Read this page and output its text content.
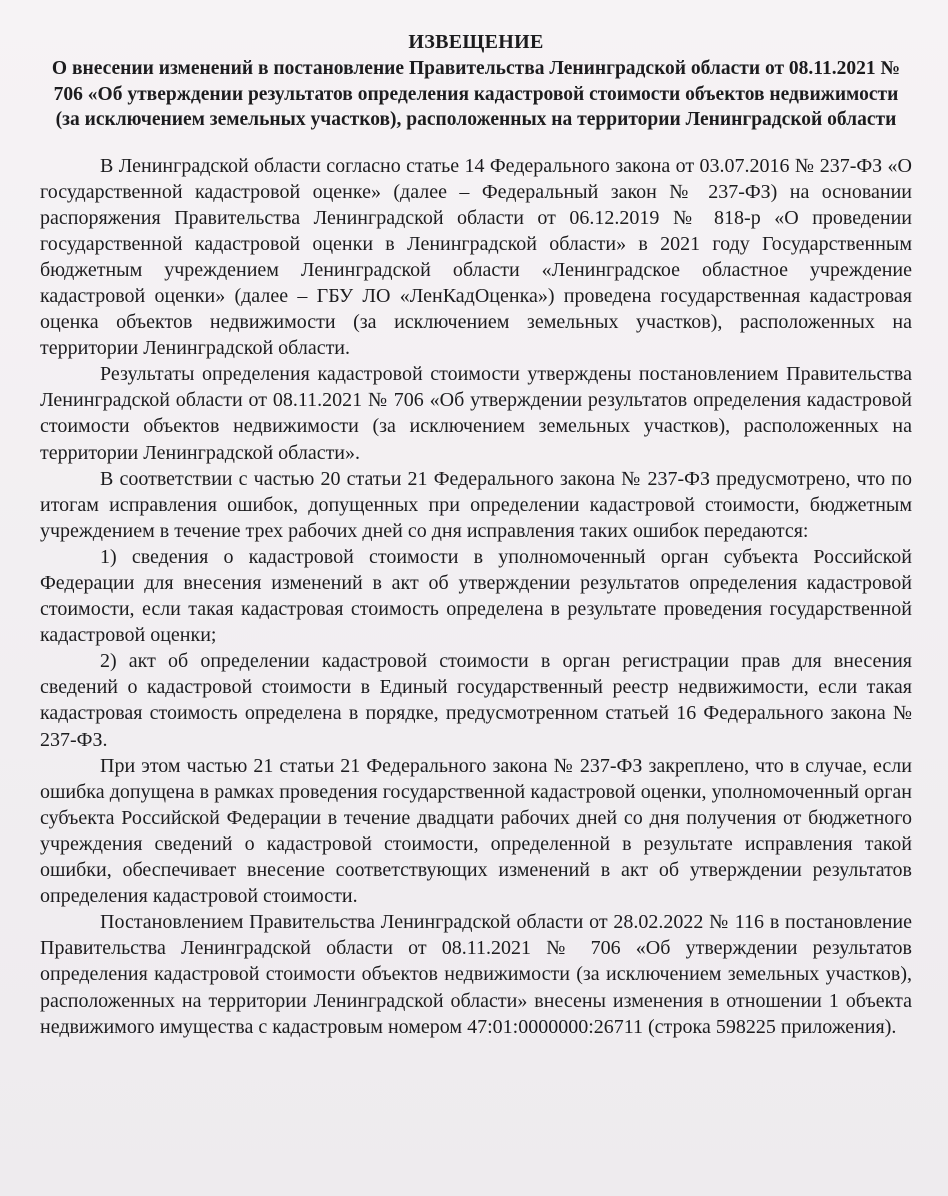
ИЗВЕЩЕНИЕ
О внесении изменений в постановление Правительства Ленинградской области от 08.11.2021 № 706 «Об утверждении результатов определения кадастровой стоимости объектов недвижимости (за исключением земельных участков), расположенных на территории Ленинградской области

В Ленинградской области согласно статье 14 Федерального закона от 03.07.2016 № 237-ФЗ «О государственной кадастровой оценке» (далее – Федеральный закон № 237-ФЗ) на основании распоряжения Правительства Ленинградской области от 06.12.2019 № 818-р «О проведении государственной кадастровой оценки в Ленинградской области» в 2021 году Государственным бюджетным учреждением Ленинградской области «Ленинградское областное учреждение кадастровой оценки» (далее – ГБУ ЛО «ЛенКадОценка») проведена государственная кадастровая оценка объектов недвижимости (за исключением земельных участков), расположенных на территории Ленинградской области.

Результаты определения кадастровой стоимости утверждены постановлением Правительства Ленинградской области от 08.11.2021 № 706 «Об утверждении результатов определения кадастровой стоимости объектов недвижимости (за исключением земельных участков), расположенных на территории Ленинградской области».

В соответствии с частью 20 статьи 21 Федерального закона № 237-ФЗ предусмотрено, что по итогам исправления ошибок, допущенных при определении кадастровой стоимости, бюджетным учреждением в течение трех рабочих дней со дня исправления таких ошибок передаются:

1) сведения о кадастровой стоимости в уполномоченный орган субъекта Российской Федерации для внесения изменений в акт об утверждении результатов определения кадастровой стоимости, если такая кадастровая стоимость определена в результате проведения государственной кадастровой оценки;

2) акт об определении кадастровой стоимости в орган регистрации прав для внесения сведений о кадастровой стоимости в Единый государственный реестр недвижимости, если такая кадастровая стоимость определена в порядке, предусмотренном статьей 16 Федерального закона № 237-ФЗ.

При этом частью 21 статьи 21 Федерального закона № 237-ФЗ закреплено, что в случае, если ошибка допущена в рамках проведения государственной кадастровой оценки, уполномоченный орган субъекта Российской Федерации в течение двадцати рабочих дней со дня получения от бюджетного учреждения сведений о кадастровой стоимости, определенной в результате исправления такой ошибки, обеспечивает внесение соответствующих изменений в акт об утверждении результатов определения кадастровой стоимости.

Постановлением Правительства Ленинградской области от 28.02.2022 № 116 в постановление Правительства Ленинградской области от 08.11.2021 № 706 «Об утверждении результатов определения кадастровой стоимости объектов недвижимости (за исключением земельных участков), расположенных на территории Ленинградской области» внесены изменения в отношении 1 объекта недвижимого имущества с кадастровым номером 47:01:0000000:26711 (строка 598225 приложения).
